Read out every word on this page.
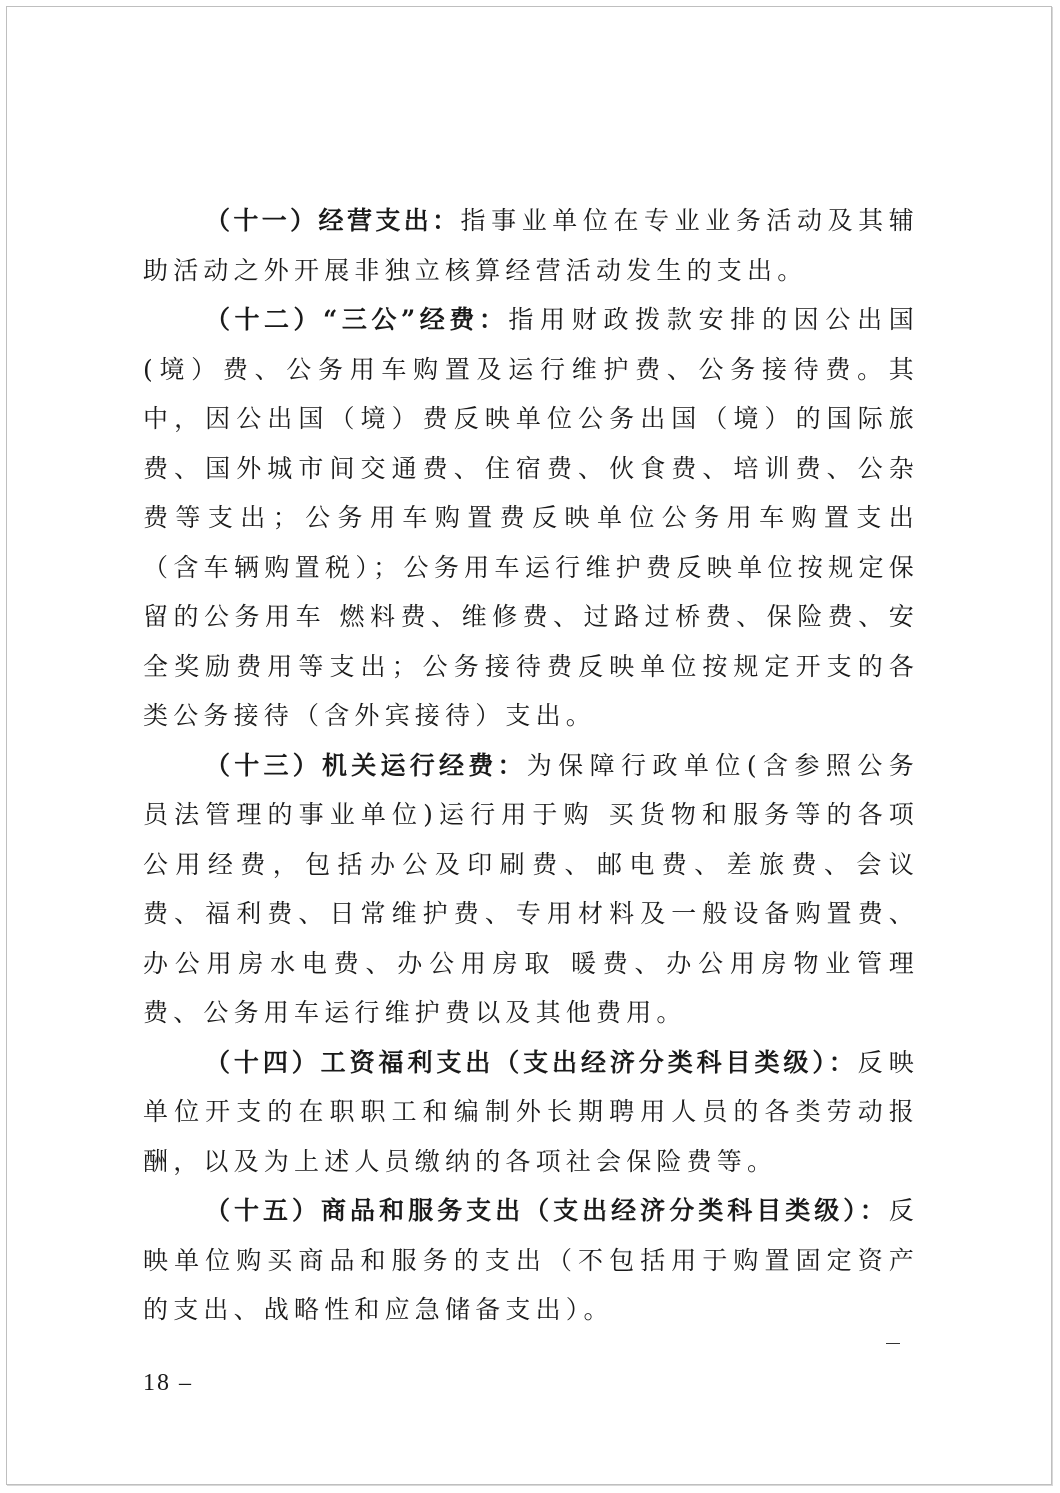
（十一）经营支出：指事业单位在专业业务活动及其辅助活动之外开展非独立核算经营活动发生的支出。

（十二）“三公”经费：指用财政拨款安排的因公出国(境）费、公务用车购置及运行维护费、公务接待费。其中，因公出国（境）费反映单位公务出国（境）的国际旅费、国外城市间交通费、住宿费、伙食费、培训费、公杂费等支出；公务用车购置费反映单位公务用车购置支出（含车辆购置税）；公务用车运行维护费反映单位按规定保留的公务用车 燃料费、维修费、过路过桥费、保险费、安全奖励费用等支出；公务接待费反映单位按规定开支的各类公务接待（含外宾接待）支出。

（十三）机关运行经费：为保障行政单位(含参照公务员法管理的事业单位)运行用于购 买货物和服务等的各项公用经费，包括办公及印刷费、邮电费、差旅费、会议费、福利费、日常维护费、专用材料及一般设备购置费、办公用房水电费、办公用房取 暖费、办公用房物业管理费、公务用车运行维护费以及其他费用。

（十四）工资福利支出（支出经济分类科目类级）：反映单位开支的在职职工和编制外长期聘用人员的各类劳动报酬，以及为上述人员缴纳的各项社会保险费等。

（十五）商品和服务支出（支出经济分类科目类级）：反映单位购买商品和服务的支出（不包括用于购置固定资产的支出、战略性和应急储备支出）。

18 –
